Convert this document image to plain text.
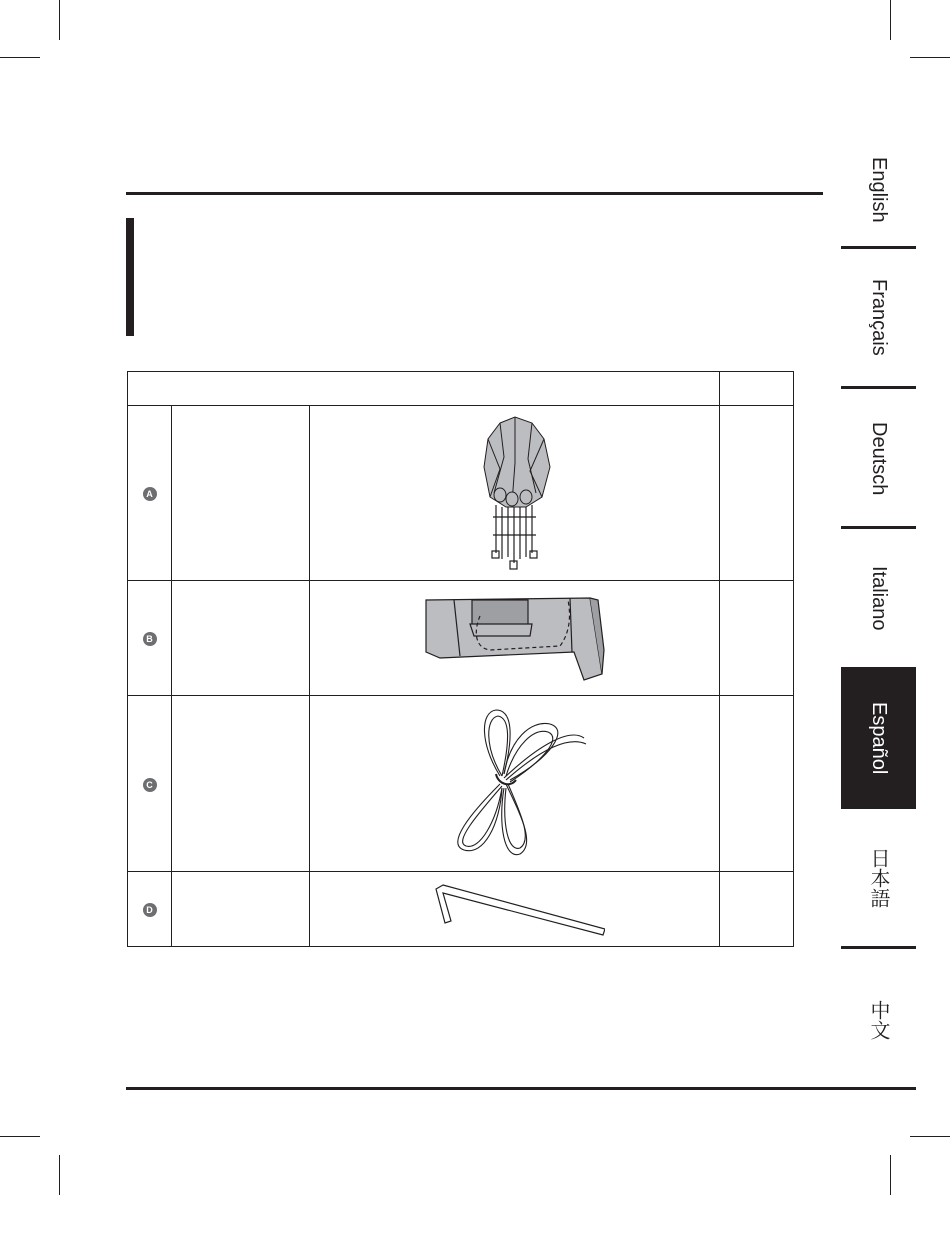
A		

B		

C		

D		

English
Français
Deutsch
Italiano
Español
日本語
中文
